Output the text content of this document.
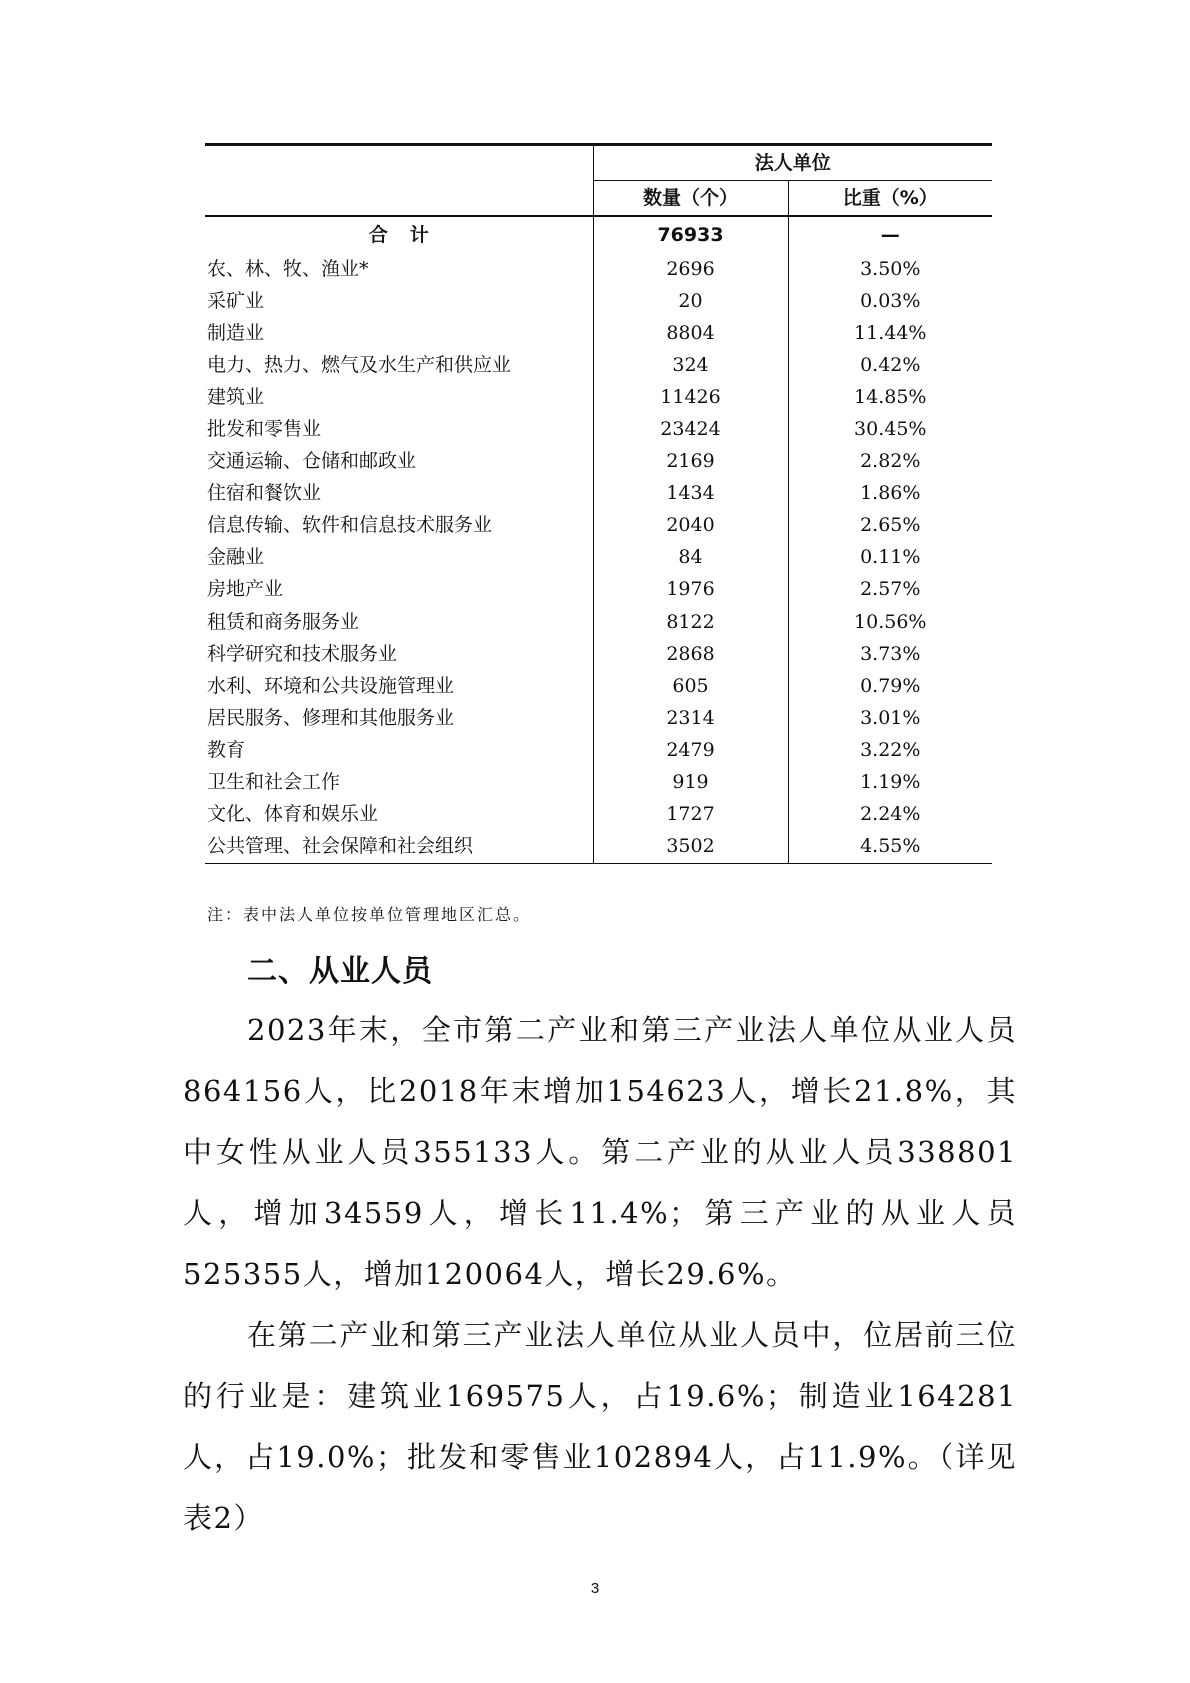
	法人单位	
	数量（个）	比重（%）
合计	76933	—
农、林、牧、渔业*	2696	3.50%
采矿业	20	0.03%
制造业	8804	11.44%
电力、热力、燃气及水生产和供应业	324	0.42%
建筑业	11426	14.85%
批发和零售业	23424	30.45%
交通运输、仓储和邮政业	2169	2.82%
住宿和餐饮业	1434	1.86%
信息传输、软件和信息技术服务业	2040	2.65%
金融业	84	0.11%
房地产业	1976	2.57%
租赁和商务服务业	8122	10.56%
科学研究和技术服务业	2868	3.73%
水利、环境和公共设施管理业	605	0.79%
居民服务、修理和其他服务业	2314	3.01%
教育	2479	3.22%
卫生和社会工作	919	1.19%
文化、体育和娱乐业	1727	2.24%
公共管理、社会保障和社会组织	3502	4.55%

注：表中法人单位按单位管理地区汇总。

二、从业人员

2023年末，全市第二产业和第三产业法人单位从业人员864156人，比2018年末增加154623人，增长21.8%，其中女性从业人员355133人。第二产业的从业人员338801人，增加34559人，增长11.4%；第三产业的从业人员525355人，增加120064人，增长29.6%。

在第二产业和第三产业法人单位从业人员中，位居前三位的行业是：建筑业169575人，占19.6%；制造业164281人，占19.0%；批发和零售业102894人，占11.9%。（详见表2）

3
